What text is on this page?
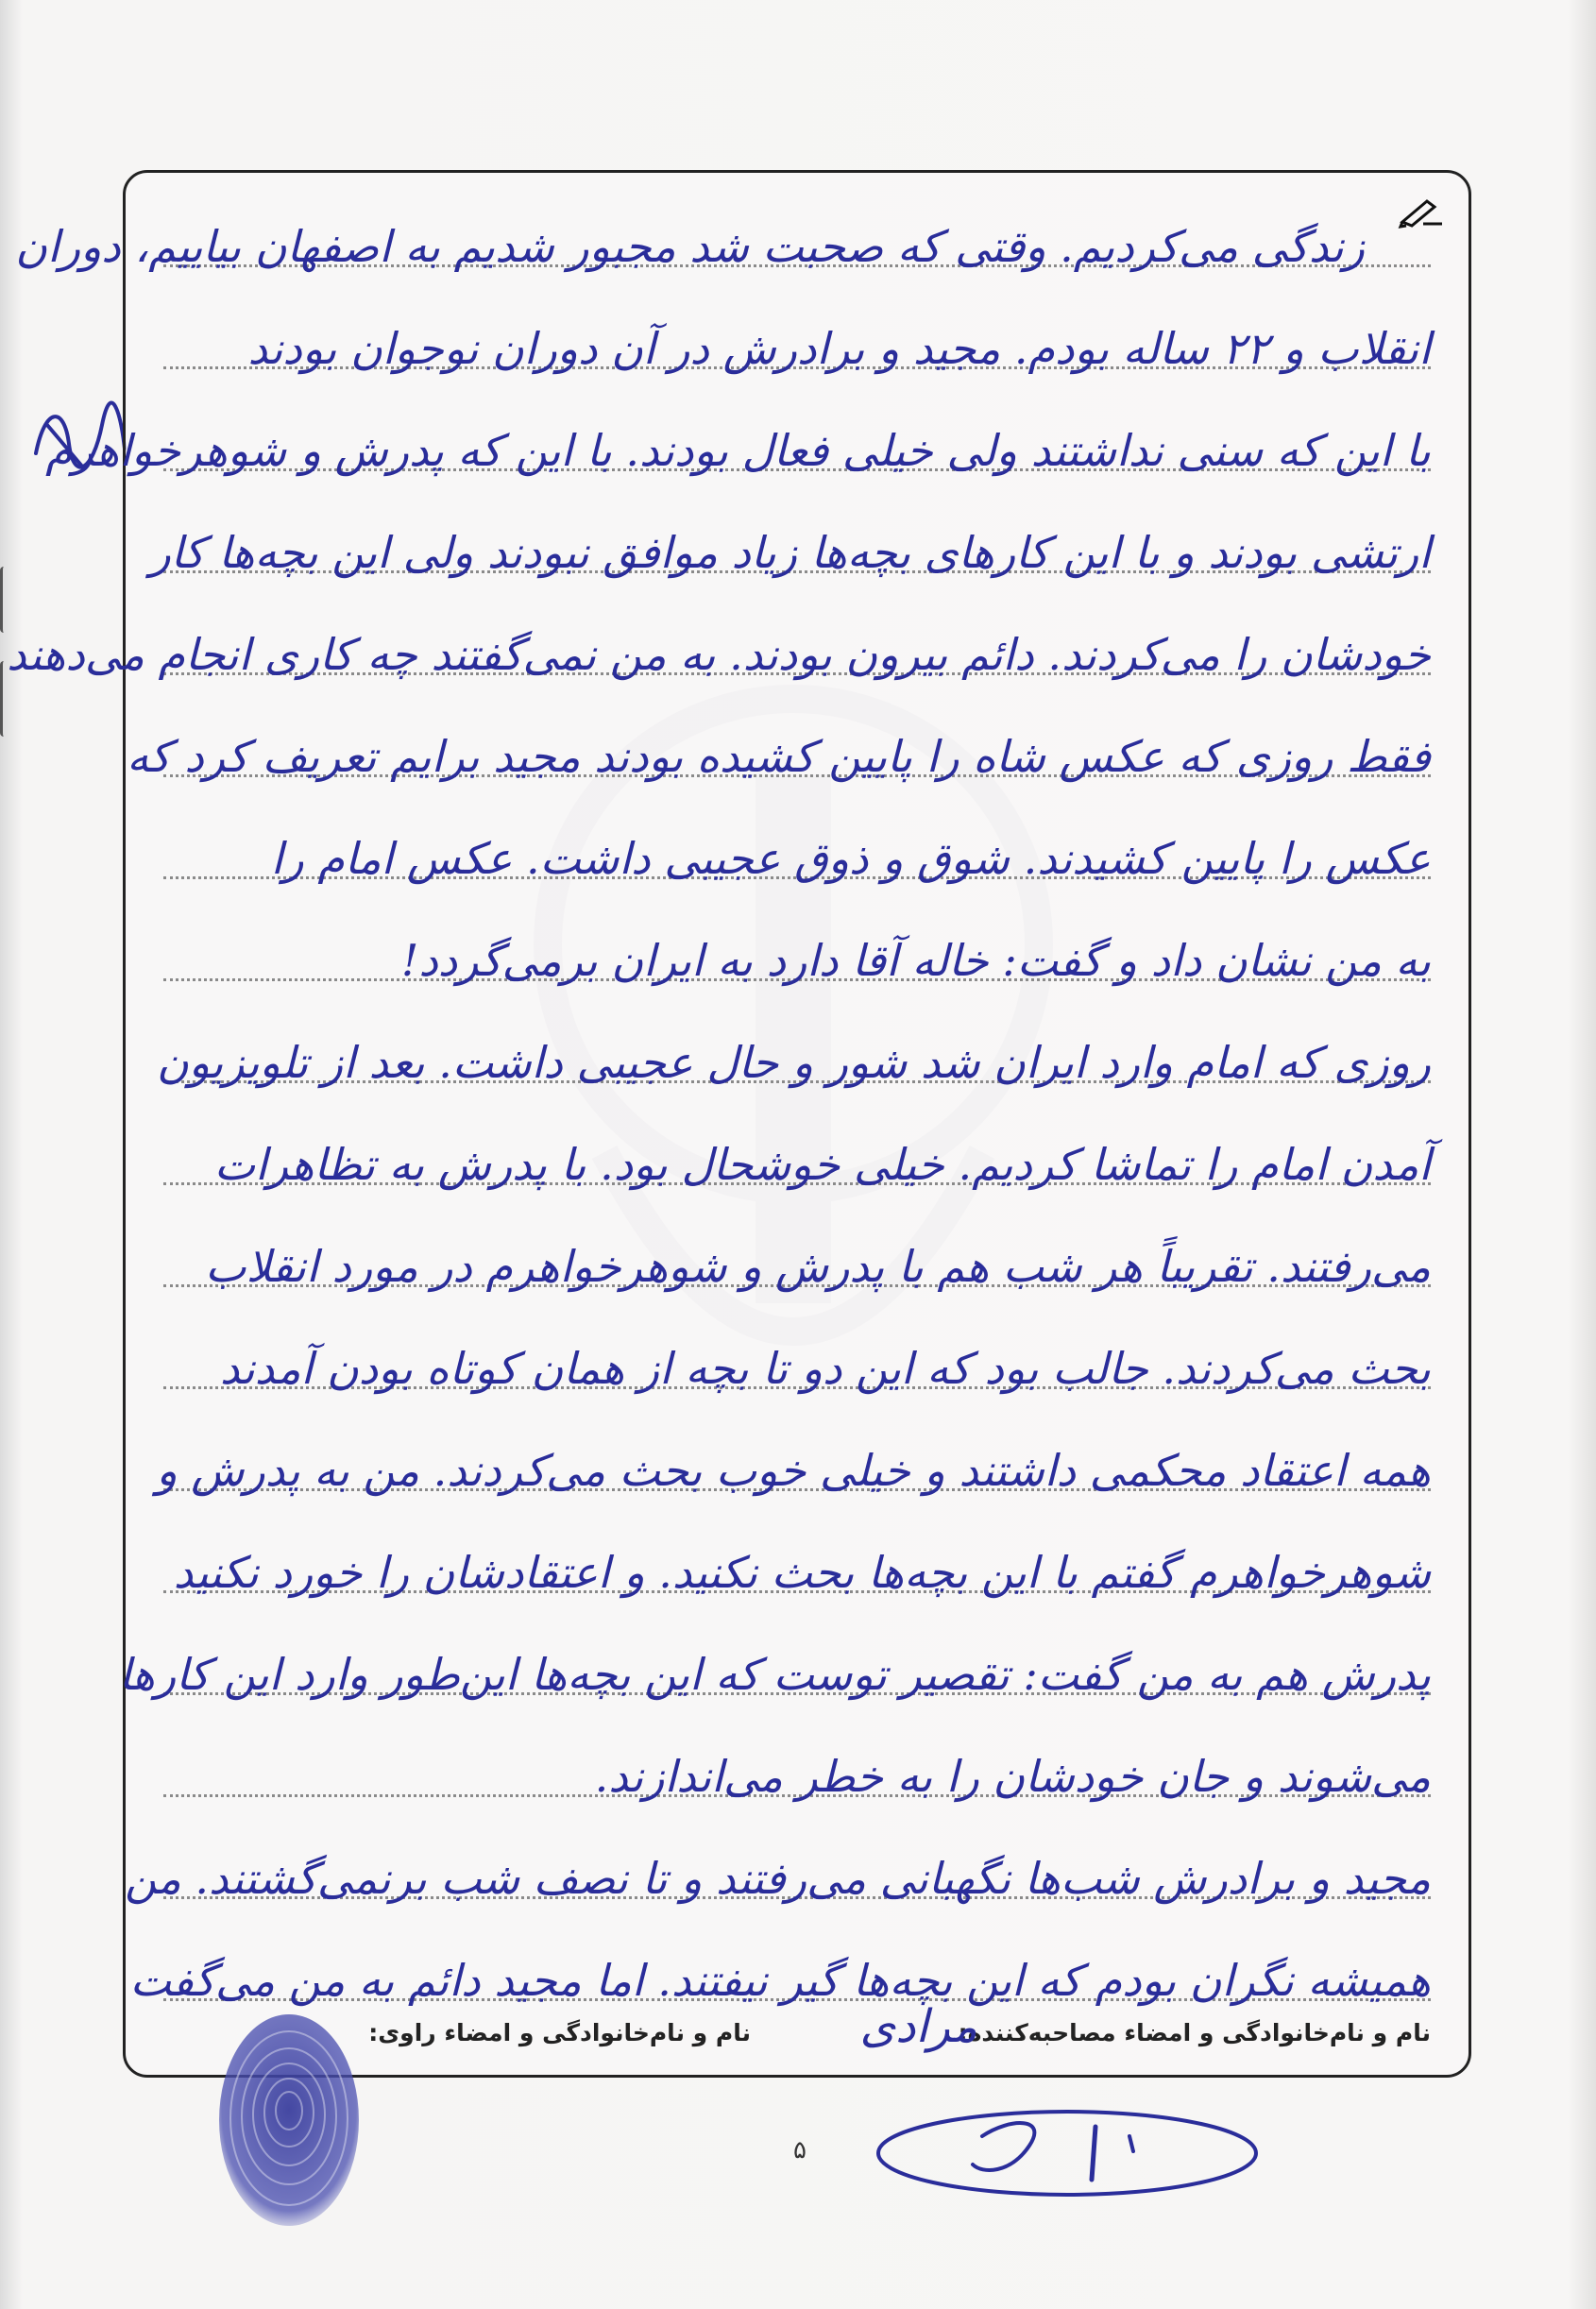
زندگی می‌کردیم. وقتی که صحبت شد مجبور شدیم به اصفهان بیاییم، دوران
انقلاب و ۲۲ ساله بودم. مجید و برادرش در آن دوران نوجوان بودند
با این که سنی نداشتند ولی خیلی فعال بودند. با این که پدرش و شوهرخواهرم
ارتشی بودند و با این کارهای بچه‌ها زیاد موافق نبودند ولی این بچه‌ها کار
خودشان را می‌کردند. دائم بیرون بودند. به من نمی‌گفتند چه کاری انجام می‌دهند
فقط روزی که عکس شاه را پایین کشیده بودند مجید برایم تعریف کرد که
عکس را پایین کشیدند. شوق و ذوق عجیبی داشت. عکس امام را
به من نشان داد و گفت: خاله آقا دارد به ایران برمی‌گردد!
روزی که امام وارد ایران شد شور و حال عجیبی داشت. بعد از تلویزیون
آمدن امام را تماشا کردیم. خیلی خوشحال بود. با پدرش به تظاهرات
می‌رفتند. تقریباً هر شب هم با پدرش و شوهرخواهرم در مورد انقلاب
بحث می‌کردند. جالب بود که این دو تا بچه از همان کوتاه بودن آمدند
همه اعتقاد محکمی داشتند و خیلی خوب بحث می‌کردند. من به پدرش و
شوهرخواهرم گفتم با این بچه‌ها بحث نکنید. و اعتقادشان را خورد نکنید
پدرش هم به من گفت: تقصیر توست که این بچه‌ها این‌طور وارد این کارها
می‌شوند و جان خودشان را به خطر می‌اندازند.
مجید و برادرش شب‌ها نگهبانی می‌رفتند و تا نصف شب برنمی‌گشتند. من
همیشه نگران بودم که این بچه‌ها گیر نیفتند. اما مجید دائم به من می‌گفت
نام و نام‌خانوادگی و امضاء مصاحبه‌کننده:
مرادی
نام و نام‌خانوادگی و امضاء راوی:
۵
